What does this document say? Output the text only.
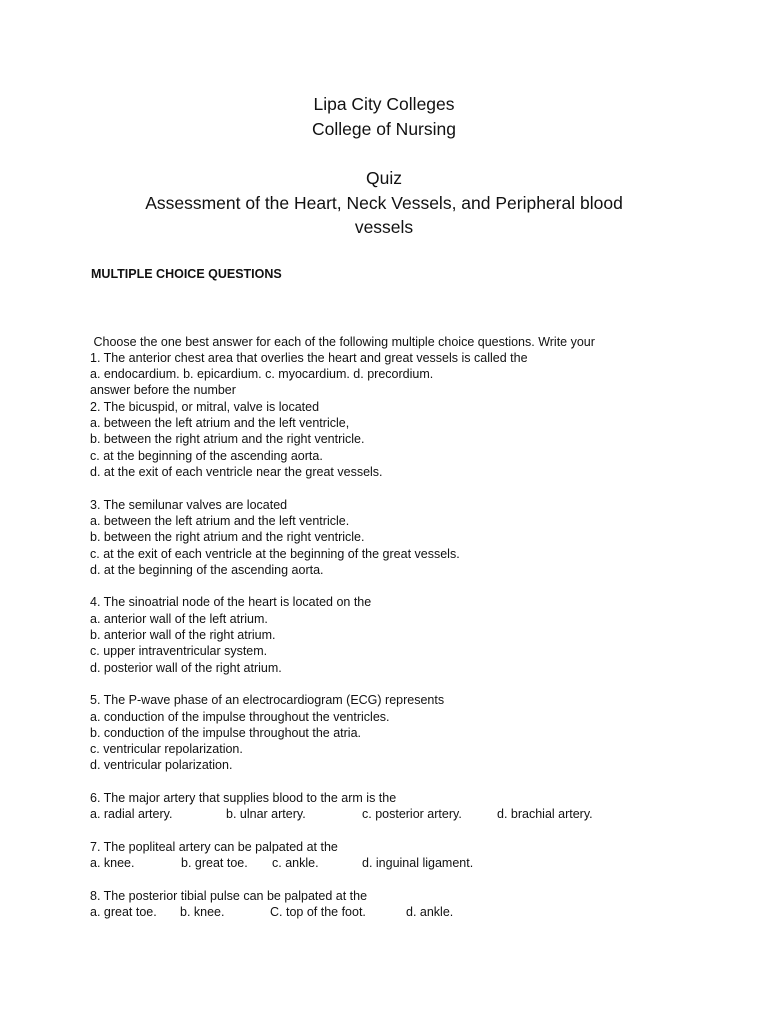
Lipa City Colleges
College of Nursing
Quiz
Assessment of the Heart, Neck Vessels, and Peripheral blood
vessels
MULTIPLE CHOICE QUESTIONS

Choose the one best answer for each of the following multiple choice questions. Write your

answer before the number

1. The anterior chest area that overlies the heart and great vessels is called the
a. endocardium. b. epicardium. c. myocardium. d. precordium.
2. The bicuspid, or mitral, valve is located
a. between the left atrium and the left ventricle,
b. between the right atrium and the right ventricle.
c. at the beginning of the ascending aorta.
d. at the exit of each ventricle near the great vessels.
3. The semilunar valves are located
a. between the left atrium and the left ventricle.
b. between the right atrium and the right ventricle.
c. at the exit of each ventricle at the beginning of the great vessels.
d. at the beginning of the ascending aorta.
4. The sinoatrial node of the heart is located on the
a. anterior wall of the left atrium.
b. anterior wall of the right atrium.
c. upper intraventricular system.
d. posterior wall of the right atrium.
5. The P-wave phase of an electrocardiogram (ECG) represents
a. conduction of the impulse throughout the ventricles.
b. conduction of the impulse throughout the atria.
c. ventricular repolarization.
d. ventricular polarization.
6. The major artery that supplies blood to the arm is the
a. radial artery.	b. ulnar artery.	c. posterior artery.	d. brachial artery.
7. The popliteal artery can be palpated at the
a. knee.	b. great toe. c. ankle.	d. inguinal ligament.
8. The posterior tibial pulse can be palpated at the
a. great toe. b. knee.	C. top of the foot.	d. ankle.
